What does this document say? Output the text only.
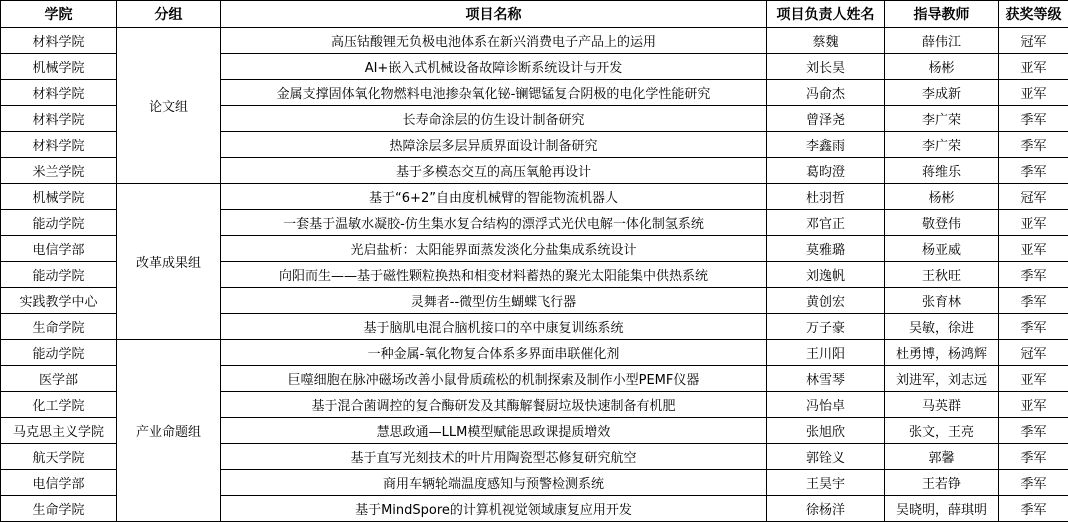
学院	分组	项目名称	项目负责人姓名	指导教师	获奖等级
材料学院	论文组	高压钴酸锂无负极电池体系在新兴消费电子产品上的运用	蔡魏	薛伟江	冠军
机械学院		AI+嵌入式机械设备故障诊断系统设计与开发	刘长昊	杨彬	亚军
材料学院		金属支撑固体氧化物燃料电池掺杂氧化铋-镧锶锰复合阴极的电化学性能研究	冯俞杰	李成新	亚军
材料学院		长寿命涂层的仿生设计制备研究	曾泽尧	李广荣	季军
材料学院		热障涂层多层异质界面设计制备研究	李鑫雨	李广荣	季军
米兰学院		基于多模态交互的高压氧舱再设计	葛昀澄	蒋维乐	季军
机械学院	改革成果组	基于“6+2”自由度机械臂的智能物流机器人	杜羽哲	杨彬	冠军
能动学院		一套基于温敏水凝胶-仿生集水复合结构的漂浮式光伏电解一体化制氢系统	邓官正	敬登伟	亚军
电信学部		光启盐析：太阳能界面蒸发淡化分盐集成系统设计	莫雅璐	杨亚威	亚军
能动学院		向阳而生——基于磁性颗粒换热和相变材料蓄热的聚光太阳能集中供热系统	刘逸帆	王秋旺	季军
实践教学中心		灵舞者--微型仿生蝴蝶飞行器	黄创宏	张育林	季军
生命学院		基于脑肌电混合脑机接口的卒中康复训练系统	万子豪	吴敏，徐进	季军
能动学院	产业命题组	一种金属-氧化物复合体系多界面串联催化剂	王川阳	杜勇博，杨鸿辉	冠军
医学部		巨噬细胞在脉冲磁场改善小鼠骨质疏松的机制探索及制作小型PEMF仪器	林雪琴	刘进军，刘志远	亚军
化工学院		基于混合菌调控的复合酶研发及其酶解餐厨垃圾快速制备有机肥	冯怡卓	马英群	亚军
马克思主义学院		慧思政通—LLM模型赋能思政课提质增效	张旭欣	张文，王亮	季军
航天学院		基于直写光刻技术的叶片用陶瓷型芯修复研究航空	郭铨义	郭馨	季军
电信学部		商用车辆轮端温度感知与预警检测系统	王昊宇	王若铮	季军
生命学院		基于MindSpore的计算机视觉领域康复应用开发	徐杨洋	吴晓明，薛琪明	季军
